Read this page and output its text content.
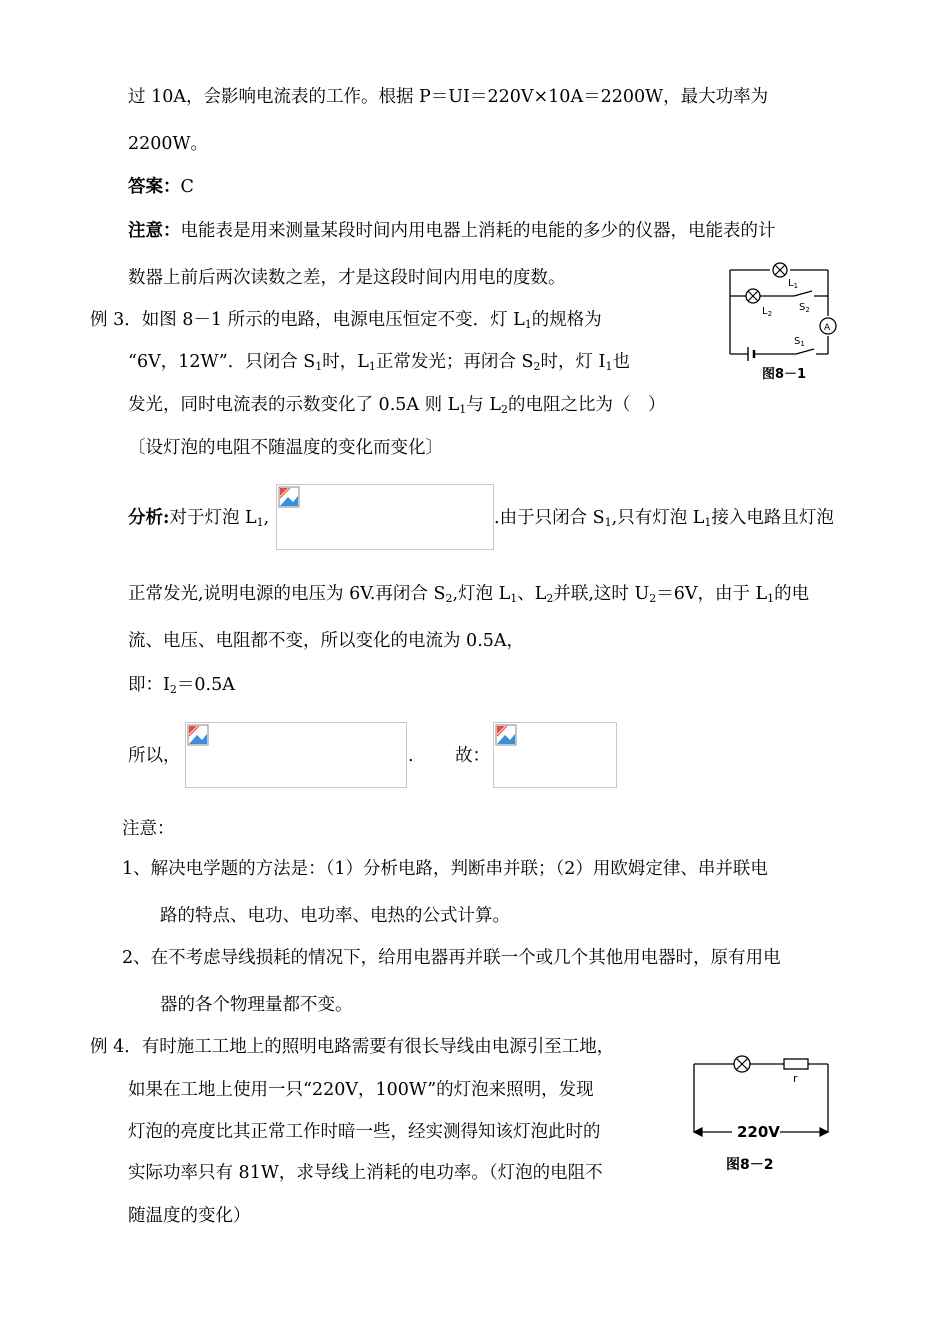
过 10A，会影响电流表的工作。根据 P＝UI＝220V×10A＝2200W，最大功率为
2200W。
答案：C
注意：电能表是用来测量某段时间内用电器上消耗的电能的多少的仪器，电能表的计
数器上前后两次读数之差，才是这段时间内用电的度数。
例 3．如图 8－1 所示的电路，电源电压恒定不变．灯 $L_1$的规格为
“6V，12W”．只闭合 $S_1$时，$L_1$正常发光；再闭合 $S_2$时，灯 $I_1$也
发光，同时电流表的示数变化了 0.5A 则 $L_1$与 $L_2$的电阻之比为（　）
〔设灯泡的电阻不随温度的变化而变化〕
$L_1$
$L_2$
$S_2$
$S_1$
A
图8－1
分析:对于灯泡 $L_1$,	.由于只闭合 $S_1$,只有灯泡 $L_1$接入电路且灯泡
正常发光,说明电源的电压为 6V.再闭合 $S_2$,灯泡 $L_1$、$L_2$并联,这时 $U_2=6V$，由于 $L_1$的电
流、电压、电阻都不变，所以变化的电流为 0.5A，
即：$I_2=0.5A$
所以，	. 故：
注意：
1、解决电学题的方法是：（1）分析电路，判断串并联；（2）用欧姆定律、串并联电
路的特点、电功、电功率、电热的公式计算。
2、在不考虑导线损耗的情况下，给用电器再并联一个或几个其他用电器时，原有用电
器的各个物理量都不变。
例 4．有时施工工地上的照明电路需要有很长导线由电源引至工地，
如果在工地上使用一只“220V，100W”的灯泡来照明，发现
灯泡的亮度比其正常工作时暗一些，经实测得知该灯泡此时的
实际功率只有 81W，求导线上消耗的电功率。（灯泡的电阻不
随温度的变化）
r
220V
图8－2
